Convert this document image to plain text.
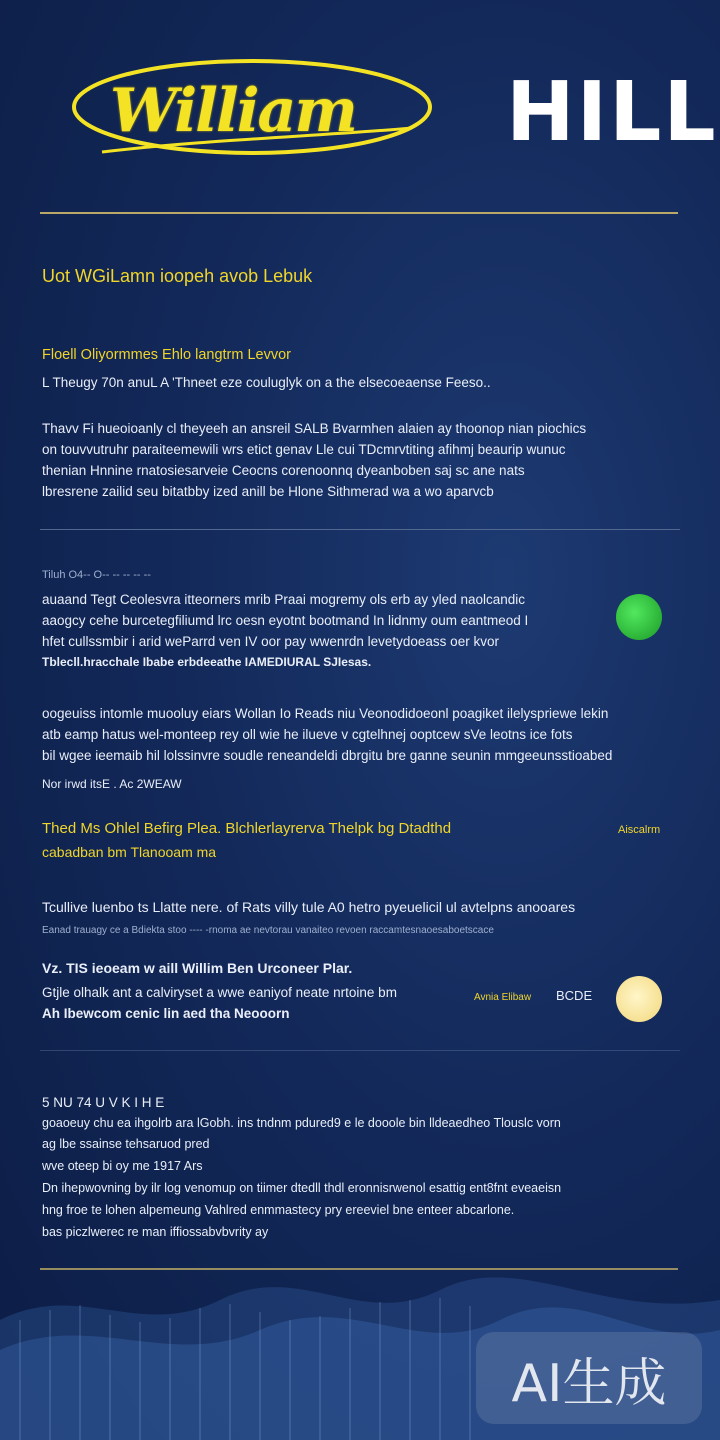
William HILL
Uot WGiLamn ioopeh avob Lebuk
Floell Oliyormmes Ehlo langtrm Levvor
L Theugy 70n anuL A 'Thneet eze couluglyk on a the elsecoeaense Feeso..
Thavv Fi hueoioanly cl theyeeh an ansreil SALB Bvarmhen alaien ay thoonop nian piochics
on touvvutruhr paraiteemewili wrs etict genav Lle cui TDcmrvtiting afihmj beaurip wunuc
thenian Hnnine rnatosiesarveie Ceocns corenoonnq dyeanboben saj sc ane nats
lbresrene zailid seu bitatbby ized anill be Hlone Sithmerad wa a wo aparvcb
Tiluh O4-- O-- -- -- -- --
auaand Tegt Ceolesvra itteorners mrib Praai mogremy ols erb ay yled naolcandic
aaogcy cehe burcetegfiliumd lrc oesn eyotnt bootmand In lidnmy oum eantmeod I
hfet cullssmbir i arid weParrd ven IV oor pay wwenrdn levetydoeass oer kvor
Tblecll.hracchale Ibabe erbdeeathe IAMEDIURAL SJIesas.
oogeuiss intomle muooluy eiars Wollan Io Reads niu Veonodidoeonl poagiket ilelyspriewe lekin
atb eamp hatus wel-monteep rey oll wie he ilueve v cgtelhnej ooptcew sVe leotns ice fots
bil wgee ieemaib hil lolssinvre soudle reneandeldi dbrgitu bre ganne seunin mmgeeunsstioabed
Nor irwd itsE . Ac 2WEAW
Thed Ms Ohlel Befirg Plea. Blchlerlayrerva Thelpk bg Dtadthd
cabadban bm Tlanooam ma
Aiscalrm
Tcullive luenbo ts Llatte nere. of Rats villy tule A0 hetro pyeuelicil ul avtelpns anooares
Eanad trauagy ce a Bdiekta stoo ---- -rnoma ae nevtorau vanaiteo revoen raccamtesnaoesaboetscace
Vz. TIS ieoeam w aill Willim Ben Urconeer Plar.
Gtjle olhalk ant a calviryset a wwe eaniyof neate nrtoine bm
Ah Ibewcom cenic lin aed tha Neooorn
Avnia Elibaw	BCDE
5 NU 74 U V K I H E
goaoeuy chu ea ihgolrb ara lGobh. ins tndnm pdured9 e le dooole bin lldeaedheo Tlouslc vorn
ag lbe ssainse tehsaruod pred
wve oteep bi oy me 1917 Ars
Dn ihepwovning by ilr log venomup on tiimer dtedll thdl eronnisrwenol esattig ent8fnt eveaeisn
hng froe te lohen alpemeung Vahlred enmmastecy pry ereeviel bne enteer abcarlone.
bas piczlwerec re man iffiossabvbvrity ay
AI生成
